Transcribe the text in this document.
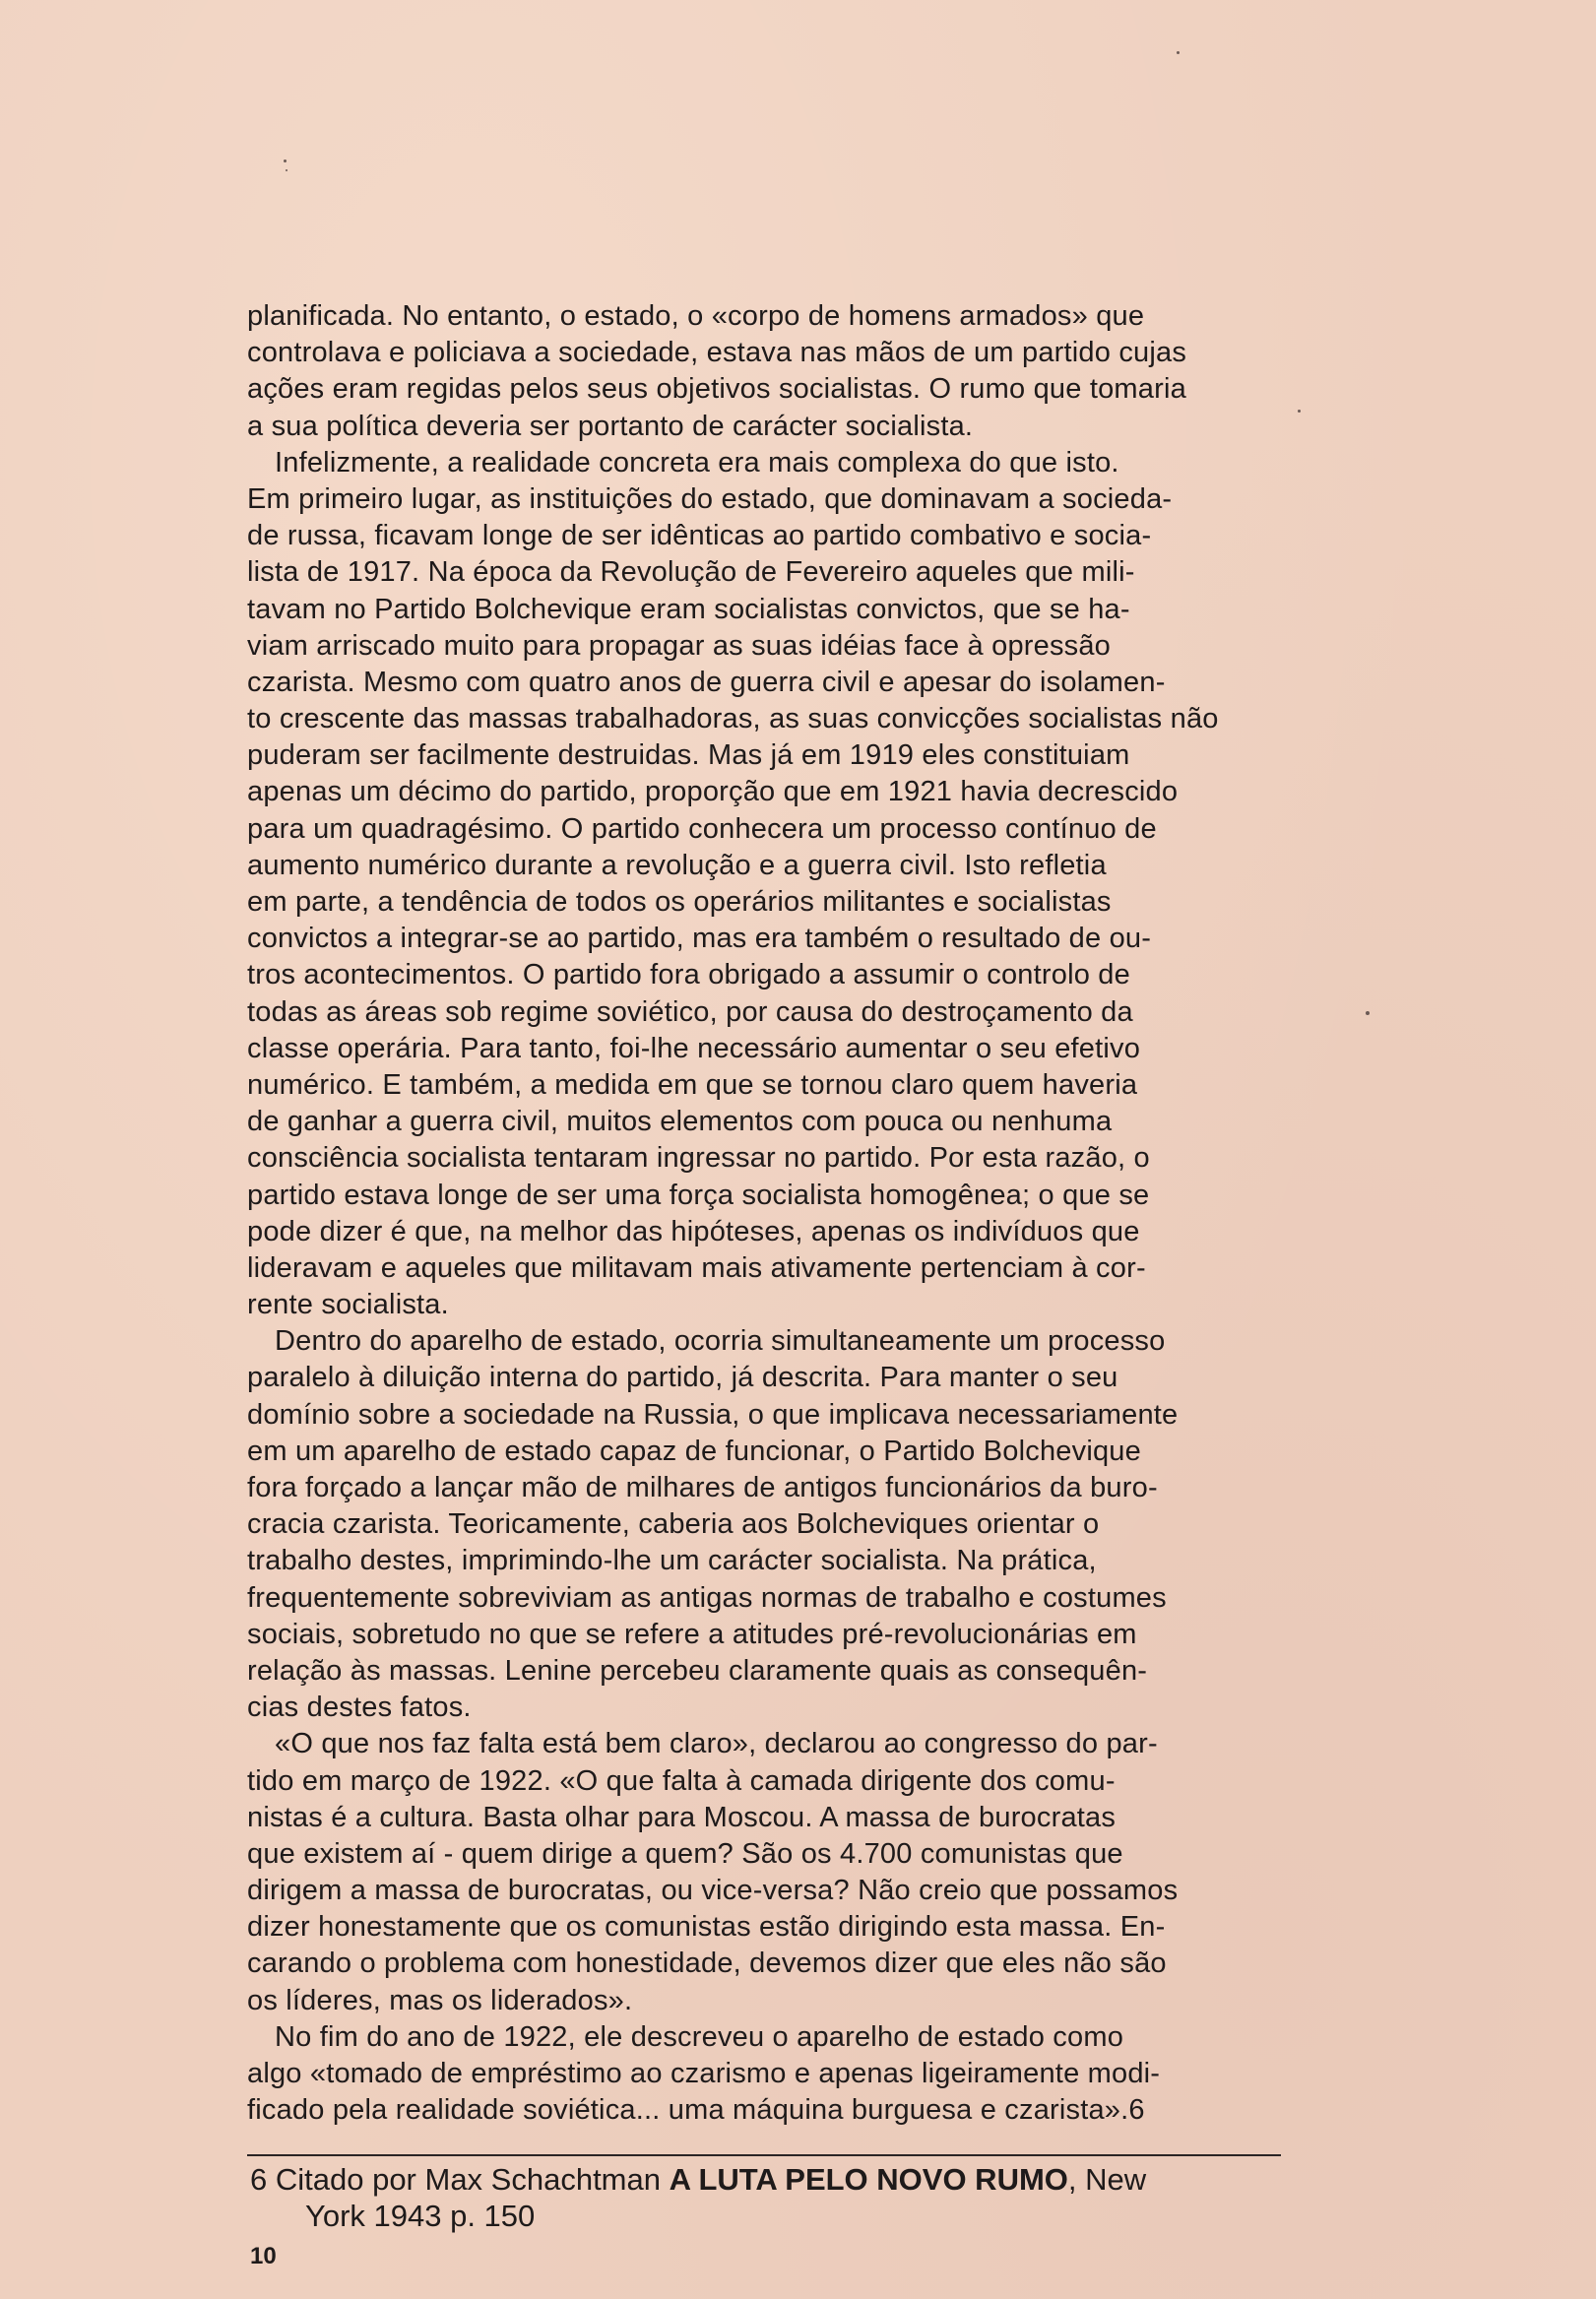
planificada. No entanto, o estado, o «corpo de homens armados» que
controlava e policiava a sociedade, estava nas mãos de um partido cujas
ações eram regidas pelos seus objetivos socialistas. O rumo que tomaria
a sua política deveria ser portanto de carácter socialista.
Infelizmente, a realidade concreta era mais complexa do que isto.
Em primeiro lugar, as instituições do estado, que dominavam a socieda-
de russa, ficavam longe de ser idênticas ao partido combativo e socia-
lista de 1917. Na época da Revolução de Fevereiro aqueles que mili-
tavam no Partido Bolchevique eram socialistas convictos, que se ha-
viam arriscado muito para propagar as suas idéias face à opressão
czarista. Mesmo com quatro anos de guerra civil e apesar do isolamen-
to crescente das massas trabalhadoras, as suas convicções socialistas não
puderam ser facilmente destruidas. Mas já em 1919 eles constituiam
apenas um décimo do partido, proporção que em 1921 havia decrescido
para um quadragésimo. O partido conhecera um processo contínuo de
aumento numérico durante a revolução e a guerra civil. Isto refletia
em parte, a tendência de todos os operários militantes e socialistas
convictos a integrar-se ao partido, mas era também o resultado de ou-
tros acontecimentos. O partido fora obrigado a assumir o controlo de
todas as áreas sob regime soviético, por causa do destroçamento da
classe operária. Para tanto, foi-lhe necessário aumentar o seu efetivo
numérico. E também, a medida em que se tornou claro quem haveria
de ganhar a guerra civil, muitos elementos com pouca ou nenhuma
consciência socialista tentaram ingressar no partido. Por esta razão, o
partido estava longe de ser uma força socialista homogênea; o que se
pode dizer é que, na melhor das hipóteses, apenas os indivíduos que
lideravam e aqueles que militavam mais ativamente pertenciam à cor-
rente socialista.
Dentro do aparelho de estado, ocorria simultaneamente um processo
paralelo à diluição interna do partido, já descrita. Para manter o seu
domínio sobre a sociedade na Russia, o que implicava necessariamente
em um aparelho de estado capaz de funcionar, o Partido Bolchevique
fora forçado a lançar mão de milhares de antigos funcionários da buro-
cracia czarista. Teoricamente, caberia aos Bolcheviques orientar o
trabalho destes, imprimindo-lhe um carácter socialista. Na prática,
frequentemente sobreviviam as antigas normas de trabalho e costumes
sociais, sobretudo no que se refere a atitudes pré-revolucionárias em
relação às massas. Lenine percebeu claramente quais as consequên-
cias destes fatos.
«O que nos faz falta está bem claro», declarou ao congresso do par-
tido em março de 1922. «O que falta à camada dirigente dos comu-
nistas é a cultura. Basta olhar para Moscou. A massa de burocratas
que existem aí - quem dirige a quem? São os 4.700 comunistas que
dirigem a massa de burocratas, ou vice-versa? Não creio que possamos
dizer honestamente que os comunistas estão dirigindo esta massa. En-
carando o problema com honestidade, devemos dizer que eles não são
os líderes, mas os liderados».
No fim do ano de 1922, ele descreveu o aparelho de estado como
algo «tomado de empréstimo ao czarismo e apenas ligeiramente modi-
ficado pela realidade soviética... uma máquina burguesa e czarista».6
6 Citado por Max Schachtman A LUTA PELO NOVO RUMO, New
York 1943 p. 150
10
